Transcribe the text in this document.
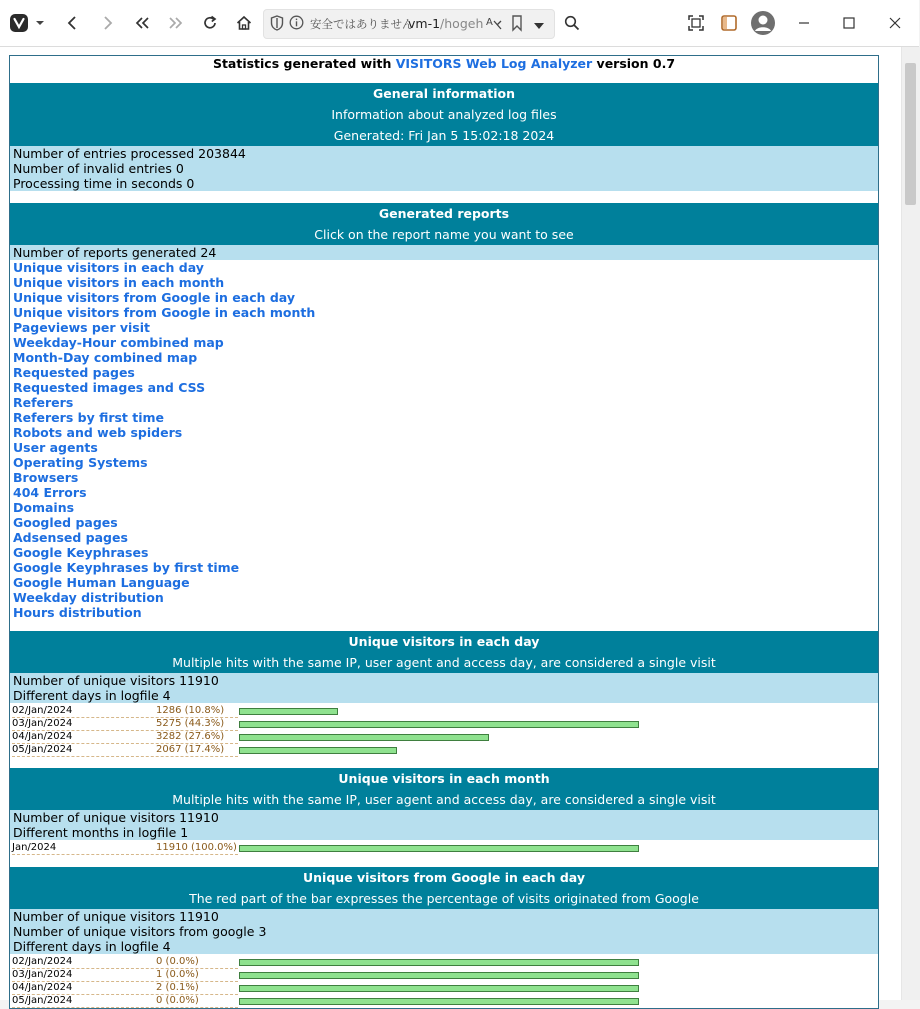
安全ではありません
vm-1/hogeh A
Statistics generated with VISITORS Web Log Analyzer version 0.7
General information
Information about analyzed log files
Generated: Fri Jan 5 15:02:18 2024
Number of entries processed 203844
Number of invalid entries 0
Processing time in seconds 0
Generated reports
Click on the report name you want to see
Number of reports generated 24
Unique visitors in each day
Unique visitors in each month
Unique visitors from Google in each day
Unique visitors from Google in each month
Pageviews per visit
Weekday-Hour combined map
Month-Day combined map
Requested pages
Requested images and CSS
Referers
Referers by first time
Robots and web spiders
User agents
Operating Systems
Browsers
404 Errors
Domains
Googled pages
Adsensed pages
Google Keyphrases
Google Keyphrases by first time
Google Human Language
Weekday distribution
Hours distribution
Unique visitors in each day
Multiple hits with the same IP, user agent and access day, are considered a single visit
Number of unique visitors 11910
Different days in logfile 4
02/Jan/2024	1286 (10.8%)
03/Jan/2024	5275 (44.3%)
04/Jan/2024	3282 (27.6%)
05/Jan/2024	2067 (17.4%)
Unique visitors in each month
Multiple hits with the same IP, user agent and access day, are considered a single visit
Number of unique visitors 11910
Different months in logfile 1
Jan/2024	11910 (100.0%)
Unique visitors from Google in each day
The red part of the bar expresses the percentage of visits originated from Google
Number of unique visitors 11910
Number of unique visitors from google 3
Different days in logfile 4
02/Jan/2024	0 (0.0%)
03/Jan/2024	1 (0.0%)
04/Jan/2024	2 (0.1%)
05/Jan/2024	0 (0.0%)
